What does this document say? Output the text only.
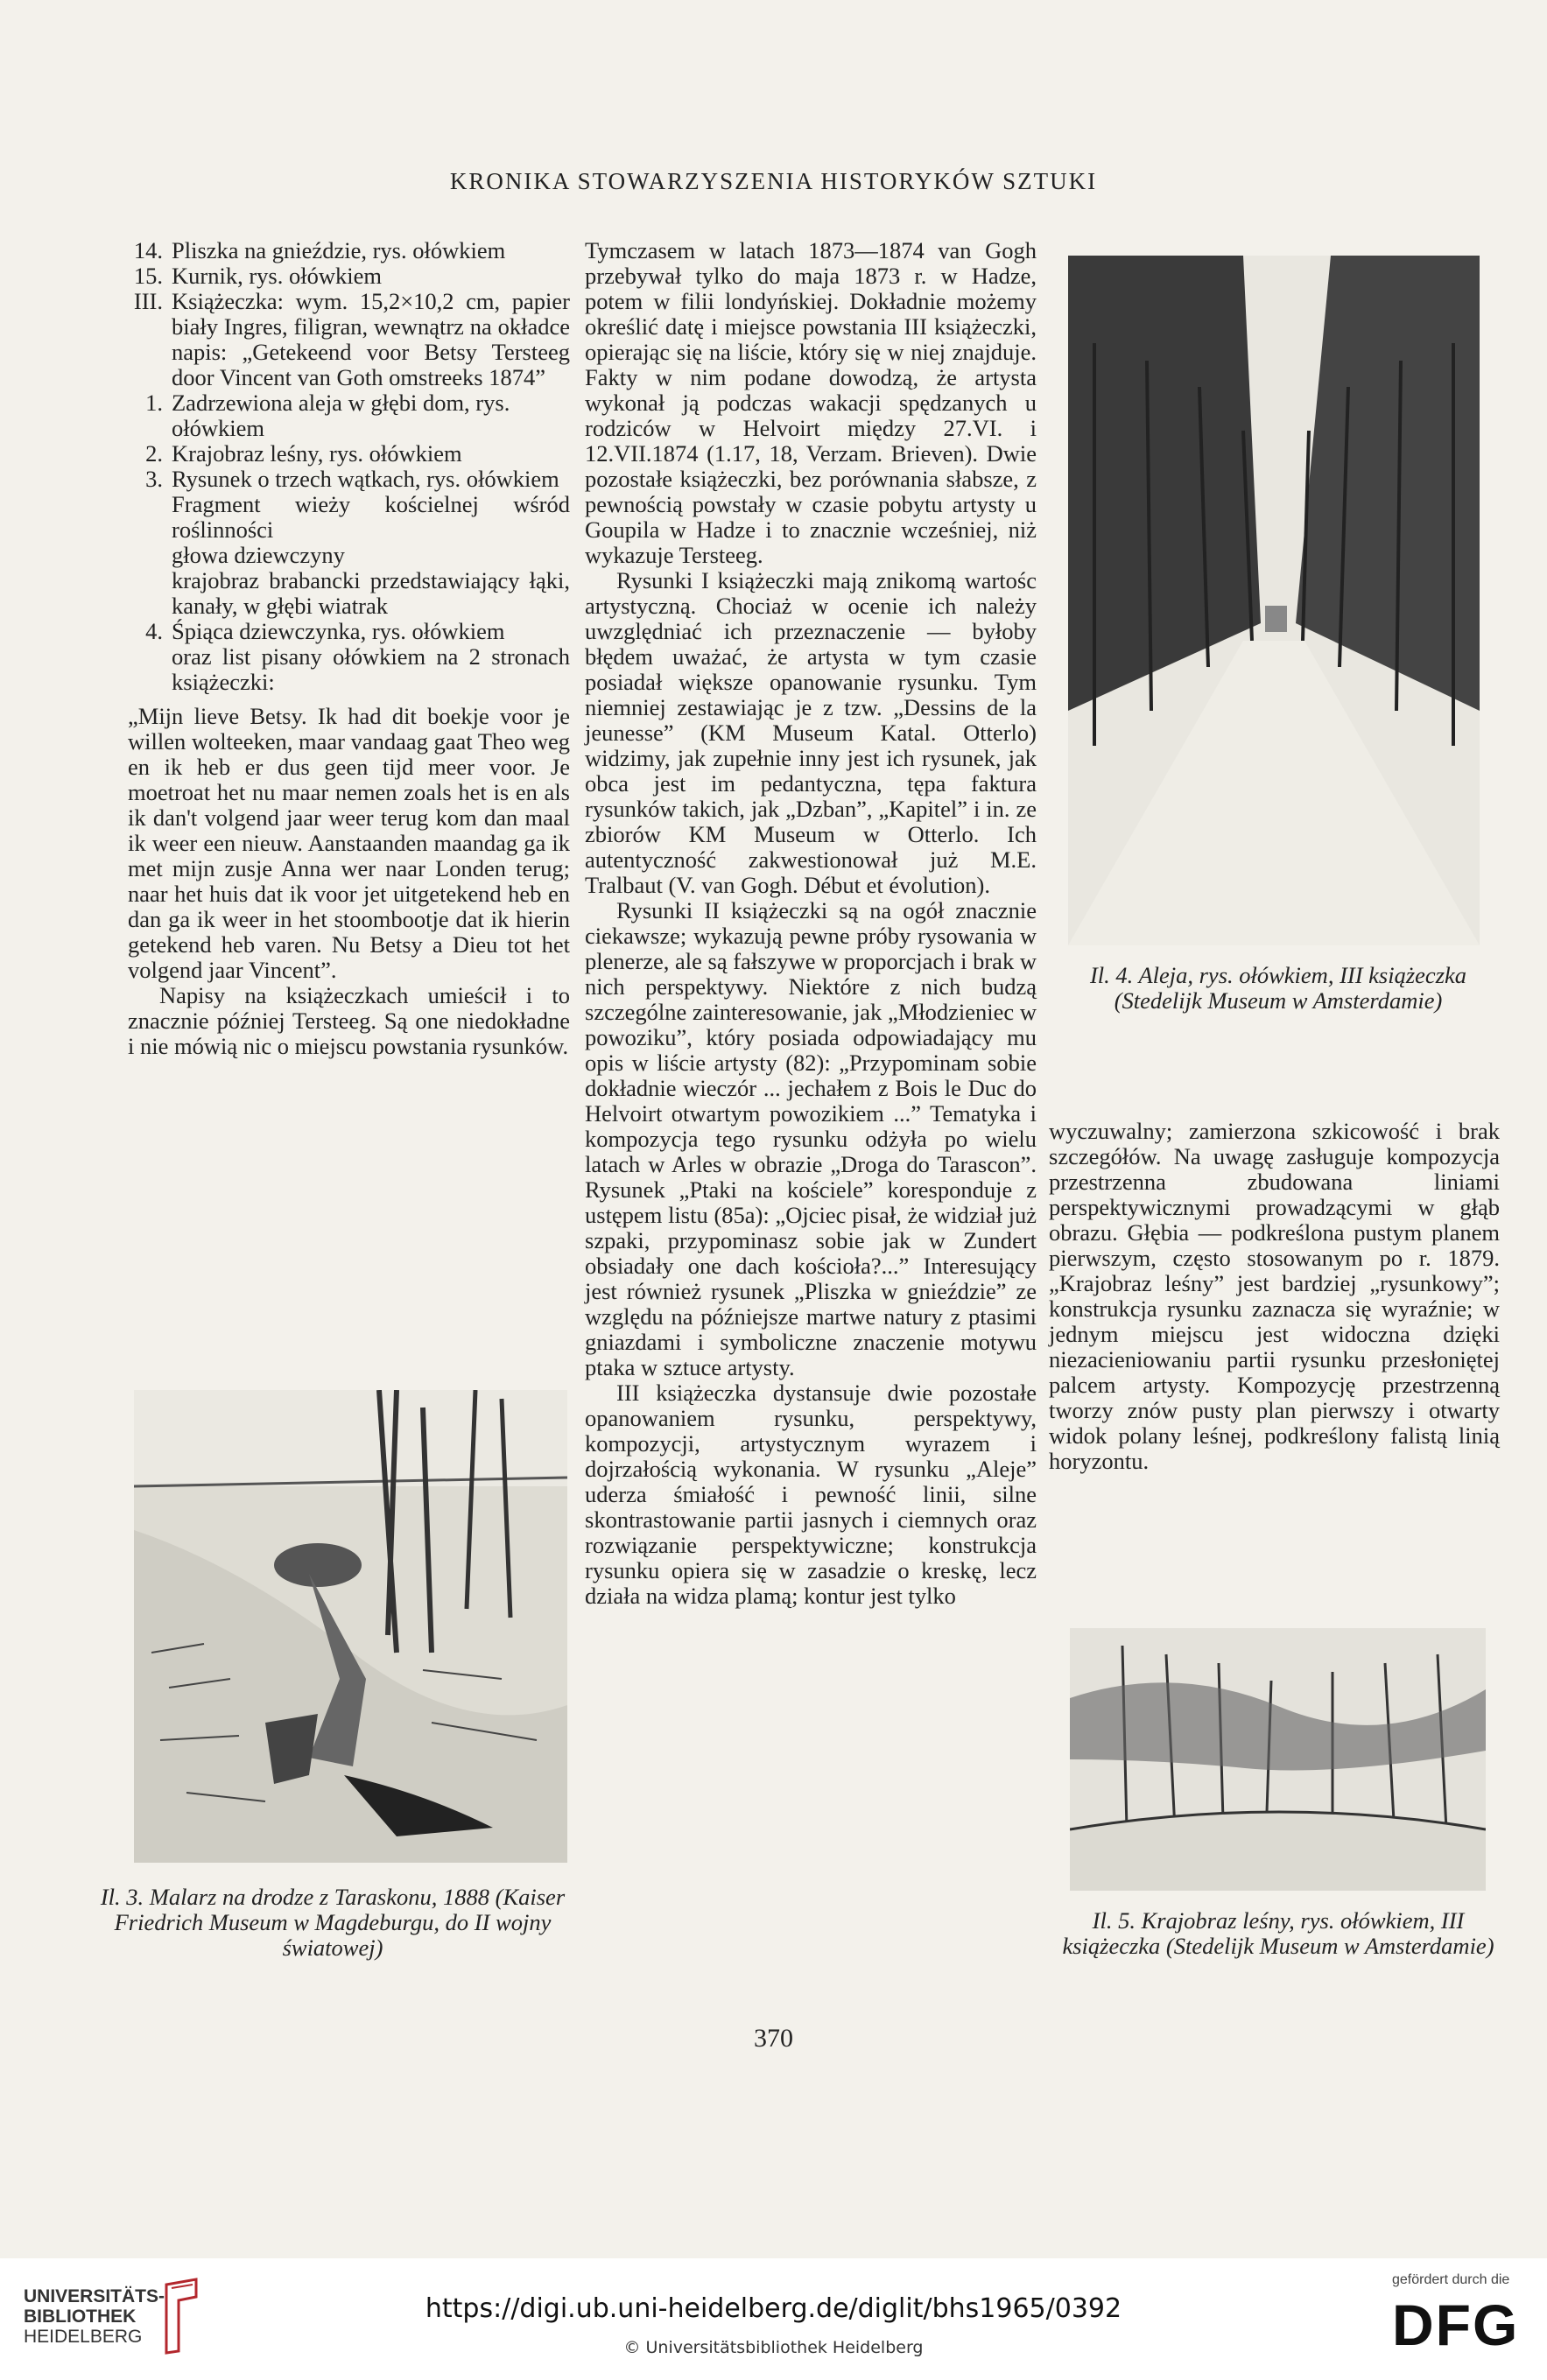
KRONIKA STOWARZYSZENIA HISTORYKÓW SZTUKI
14. Pliszka na gnieździe, rys. ołówkiem
15. Kurnik, rys. ołówkiem
III. Książeczka: wym. 15,2×10,2 cm, papier biały Ingres, filigran, wewnątrz na okładce napis: „Getekeend voor Betsy Tersteeg door Vincent van Goth omstreeks 1874”
1. Zadrzewiona aleja w głębi dom, rys. ołówkiem
2. Krajobraz leśny, rys. ołówkiem
3. Rysunek o trzech wątkach, rys. ołówkiem
Fragment wieży kościelnej wśród roślinności
głowa dziewczyny
krajobraz brabancki przedstawiający łąki, kanały, w głębi wiatrak
4. Śpiąca dziewczynka, rys. ołówkiem
oraz list pisany ołówkiem na 2 stronach książeczki:

„Mijn lieve Betsy. Ik had dit boekje voor je willen wolteeken, maar vandaag gaat Theo weg en ik heb er dus geen tijd meer voor. Je moetroat het nu maar nemen zoals het is en als ik dan't volgend jaar weer terug kom dan maal ik weer een nieuw. Aanstaanden maandag ga ik met mijn zusje Anna wer naar Londen terug; naar het huis dat ik voor jet uitgetekend heb en dan ga ik weer in het stoombootje dat ik hierin getekend heb varen. Nu Betsy a Dieu tot het volgend jaar Vincent”.

Napisy na książeczkach umieścił i to znacznie później Tersteeg. Są one niedokładne i nie mówią nic o miejscu powstania rysunków.

Il. 3. Malarz na drodze z Taraskonu, 1888 (Kaiser Friedrich Museum w Magdeburgu, do II wojny światowej)

Tymczasem w latach 1873—1874 van Gogh przebywał tylko do maja 1873 r. w Hadze, potem w filii londyńskiej. Dokładnie możemy określić datę i miejsce powstania III książeczki, opierając się na liście, który się w niej znajduje. Fakty w nim podane dowodzą, że artysta wykonał ją podczas wakacji spędzanych u rodziców w Helvoirt między 27.VI. i 12.VII.1874 (1.17, 18, Verzam. Brieven). Dwie pozostałe książeczki, bez porównania słabsze, z pewnością powstały w czasie pobytu artysty u Goupila w Hadze i to znacznie wcześniej, niż wykazuje Tersteeg.

Rysunki I książeczki mają znikomą wartośc artystyczną. Chociaż w ocenie ich należy uwzględniać ich przeznaczenie — byłoby błędem uważać, że artysta w tym czasie posiadał większe opanowanie rysunku. Tym niemniej zestawiając je z tzw. „Dessins de la jeunesse” (KM Museum Katal. Otterlo) widzimy, jak zupełnie inny jest ich rysunek, jak obca jest im pedantyczna, tępa faktura rysunków takich, jak „Dzban”, „Kapitel” i in. ze zbiorów KM Museum w Otterlo. Ich autentyczność zakwestionował już M.E. Tralbaut (V. van Gogh. Début et évolution).

Rysunki II książeczki są na ogół znacznie ciekawsze; wykazują pewne próby rysowania w plenerze, ale są fałszywe w proporcjach i brak w nich perspektywy. Niektóre z nich budzą szczególne zainteresowanie, jak „Młodzieniec w powoziku”, który posiada odpowiadający mu opis w liście artysty (82): „Przypominam sobie dokładnie wieczór ... jechałem z Bois le Duc do Helvoirt otwartym powozikiem ...” Tematyka i kompozycja tego rysunku odżyła po wielu latach w Arles w obrazie „Droga do Tarascon”. Rysunek „Ptaki na kościele” koresponduje z ustępem listu (85a): „Ojciec pisał, że widział już szpaki, przypominasz sobie jak w Zundert obsiadały one dach kościoła?...” Interesujący jest również rysunek „Pliszka w gnieździe” ze względu na późniejsze martwe natury z ptasimi gniazdami i symboliczne znaczenie motywu ptaka w sztuce artysty.

III książeczka dystansuje dwie pozostałe opanowaniem rysunku, perspektywy, kompozycji, artystycznym wyrazem i dojrzałością wykonania. W rysunku „Aleje” uderza śmiałość i pewność linii, silne skontrastowanie partii jasnych i ciemnych oraz rozwiązanie perspektywiczne; konstrukcja rysunku opiera się w zasadzie o kreskę, lecz działa na widza plamą; kontur jest tylko

Il. 4. Aleja, rys. ołówkiem, III książeczka (Stedelijk Museum w Amsterdamie)

wyczuwalny; zamierzona szkicowość i brak szczegółów. Na uwagę zasługuje kompozycja przestrzenna zbudowana liniami perspektywicznymi prowadzącymi w głąb obrazu. Głębia — podkreślona pustym planem pierwszym, często stosowanym po r. 1879. „Krajobraz leśny” jest bardziej „rysunkowy”; konstrukcja rysunku zaznacza się wyraźnie; w jednym miejscu jest widoczna dzięki niezacieniowaniu partii rysunku przesłoniętej palcem artysty. Kompozycję przestrzenną tworzy znów pusty plan pierwszy i otwarty widok polany leśnej, podkreślony falistą linią horyzontu.

Il. 5. Krajobraz leśny, rys. ołówkiem, III książeczka (Stedelijk Museum w Amsterdamie)
370
UNIVERSITÄTS-
BIBLIOTHEK
HEIDELBERG
https://digi.ub.uni-heidelberg.de/diglit/bhs1965/0392
© Universitätsbibliothek Heidelberg
gefördert durch die
DFG
